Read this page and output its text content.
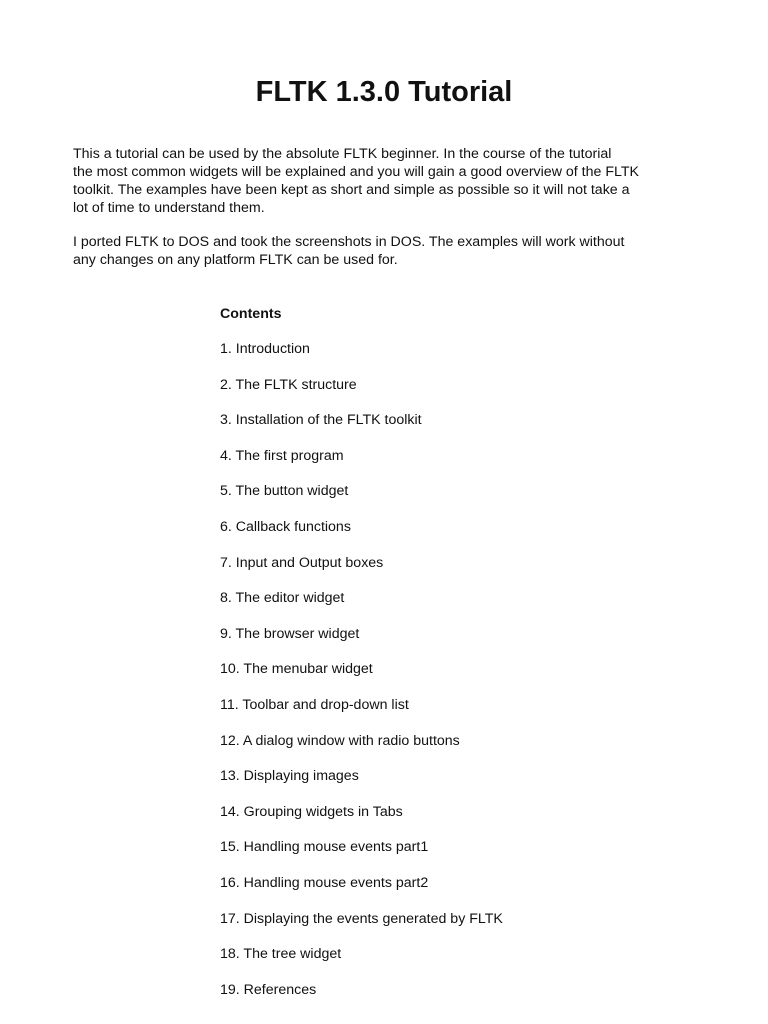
FLTK 1.3.0 Tutorial
This a tutorial can be used by the absolute FLTK beginner. In the course of the tutorial
the most common widgets will be explained and you will gain a good overview of the FLTK
toolkit. The examples have been kept as short and simple as possible so it will not take a
lot of time to understand them.
I ported FLTK to DOS and took the screenshots in DOS. The examples will work without
any changes on any platform FLTK can be used for.
Contents
1. Introduction
2. The FLTK structure
3. Installation of the FLTK toolkit
4. The first program
5. The button widget
6. Callback functions
7. Input and Output boxes
8. The editor widget
9. The browser widget
10. The menubar widget
11. Toolbar and drop-down list
12. A dialog window with radio buttons
13. Displaying images
14. Grouping widgets in Tabs
15. Handling mouse events part1
16. Handling mouse events part2
17. Displaying the events generated by FLTK
18. The tree widget
19. References
